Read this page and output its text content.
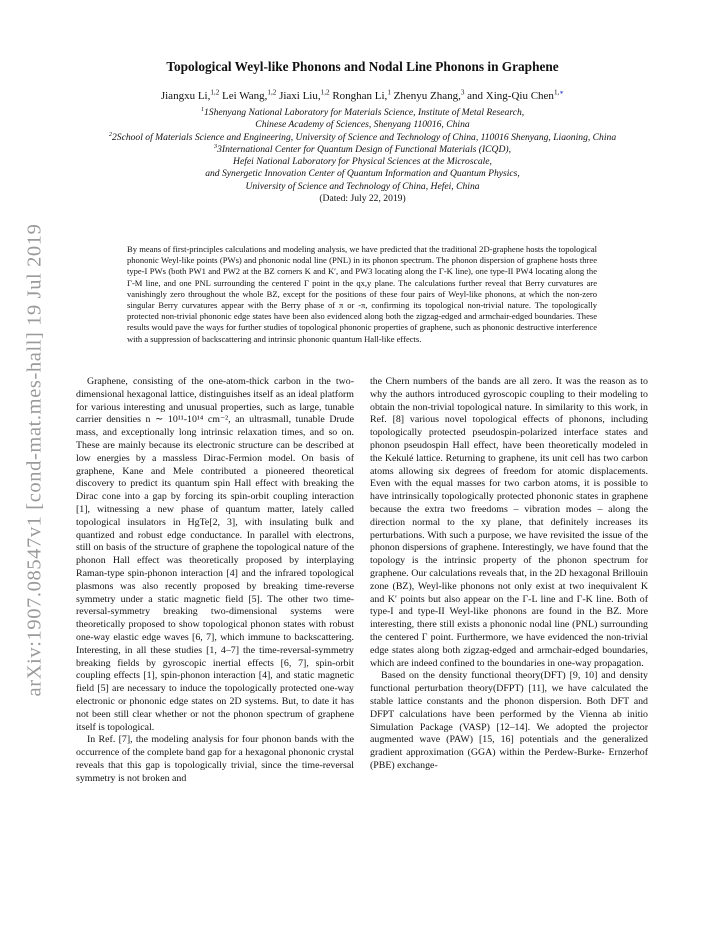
arXiv:1907.08547v1 [cond-mat.mes-hall] 19 Jul 2019
Topological Weyl-like Phonons and Nodal Line Phonons in Graphene
Jiangxu Li,$^{1,2}$ Lei Wang,$^{1,2}$ Jiaxi Liu,$^{1,2}$ Ronghan Li,$^1$ Zhenyu Zhang,$^3$ and Xing-Qiu Chen$^{1,∗}$
$^1$1Shenyang National Laboratory for Materials Science, Institute of Metal Research,
Chinese Academy of Sciences, Shenyang 110016, China
$^2$2School of Materials Science and Engineering, University of Science and Technology of China, 110016 Shenyang, Liaoning, China
$^3$3International Center for Quantum Design of Functional Materials (ICQD),
Hefei National Laboratory for Physical Sciences at the Microscale,
and Synergetic Innovation Center of Quantum Information and Quantum Physics,
University of Science and Technology of China, Hefei, China
(Dated: July 22, 2019)
By means of first-principles calculations and modeling analysis, we have predicted that the traditional 2D-graphene hosts the topological phononic Weyl-like points (PWs) and phononic nodal line (PNL) in its phonon spectrum. The phonon dispersion of graphene hosts three type-I PWs (both PW1 and PW2 at the BZ corners K and K′, and PW3 locating along the Γ-K line), one type-II PW4 locating along the Γ-M line, and one PNL surrounding the centered Γ point in the qx,y plane. The calculations further reveal that Berry curvatures are vanishingly zero throughout the whole BZ, except for the positions of these four pairs of Weyl-like phonons, at which the non-zero singular Berry curvatures appear with the Berry phase of π or -π, confirming its topological non-trivial nature. The topologically protected non-trivial phononic edge states have been also evidenced along both the zigzag-edged and armchair-edged boundaries. These results would pave the ways for further studies of topological phononic properties of graphene, such as phononic destructive interference with a suppression of backscattering and intrinsic phononic quantum Hall-like effects.

Graphene, consisting of the one-atom-thick carbon in the two-dimensional hexagonal lattice, distinguishes itself as an ideal platform for various interesting and unusual properties, such as large, tunable carrier densities n ∼ 10¹¹-10¹⁴ cm⁻², an ultrasmall, tunable Drude mass, and exceptionally long intrinsic relaxation times, and so on. These are mainly because its electronic structure can be described at low energies by a massless Dirac-Fermion model. On basis of graphene, Kane and Mele contributed a pioneered theoretical discovery to predict its quantum spin Hall effect with breaking the Dirac cone into a gap by forcing its spin-orbit coupling interaction [1], witnessing a new phase of quantum matter, lately called topological insulators in HgTe[2, 3], with insulating bulk and quantized and robust edge conductance. In parallel with electrons, still on basis of the structure of graphene the topological nature of the phonon Hall effect was theoretically proposed by interplaying Raman-type spin-phonon interaction [4] and the infrared topological plasmons was also recently proposed by breaking time-reverse symmetry under a static magnetic field [5]. The other two time-reversal-symmetry breaking two-dimensional systems were theoretically proposed to show topological phonon states with robust one-way elastic edge waves [6, 7], which immune to backscattering. Interesting, in all these studies [1, 4–7] the time-reversal-symmetry breaking fields by gyroscopic inertial effects [6, 7], spin-orbit coupling effects [1], spin-phonon interaction [4], and static magnetic field [5] are necessary to induce the topologically protected one-way electronic or phononic edge states on 2D systems. But, to date it has not been still clear whether or not the phonon spectrum of graphene itself is topological.

In Ref. [7], the modeling analysis for four phonon bands with the occurrence of the complete band gap for a hexagonal phononic crystal reveals that this gap is topologically trivial, since the time-reversal symmetry is not broken and

the Chern numbers of the bands are all zero. It was the reason as to why the authors introduced gyroscopic coupling to their modeling to obtain the non-trivial topological nature. In similarity to this work, in Ref. [8] various novel topological effects of phonons, including topologically protected pseudospin-polarized interface states and phonon pseudospin Hall effect, have been theoretically modeled in the Kekulé lattice. Returning to graphene, its unit cell has two carbon atoms allowing six degrees of freedom for atomic displacements. Even with the equal masses for two carbon atoms, it is possible to have intrinsically topologically protected phononic states in graphene because the extra two freedoms – vibration modes – along the direction normal to the xy plane, that definitely increases its perturbations. With such a purpose, we have revisited the issue of the phonon dispersions of graphene. Interestingly, we have found that the topology is the intrinsic property of the phonon spectrum for graphene. Our calculations reveals that, in the 2D hexagonal Brillouin zone (BZ), Weyl-like phonons not only exist at two inequivalent K and K′ points but also appear on the Γ-L line and Γ-K line. Both of type-I and type-II Weyl-like phonons are found in the BZ. More interesting, there still exists a phononic nodal line (PNL) surrounding the centered Γ point. Furthermore, we have evidenced the non-trivial edge states along both zigzag-edged and armchair-edged boundaries, which are indeed confined to the boundaries in one-way propagation.

Based on the density functional theory(DFT) [9, 10] and density functional perturbation theory(DFPT) [11], we have calculated the stable lattice constants and the phonon dispersion. Both DFT and DFPT calculations have been performed by the Vienna ab initio Simulation Package (VASP) [12–14]. We adopted the projector augmented wave (PAW) [15, 16] potentials and the generalized gradient approximation (GGA) within the Perdew-Burke- Ernzerhof (PBE) exchange-
